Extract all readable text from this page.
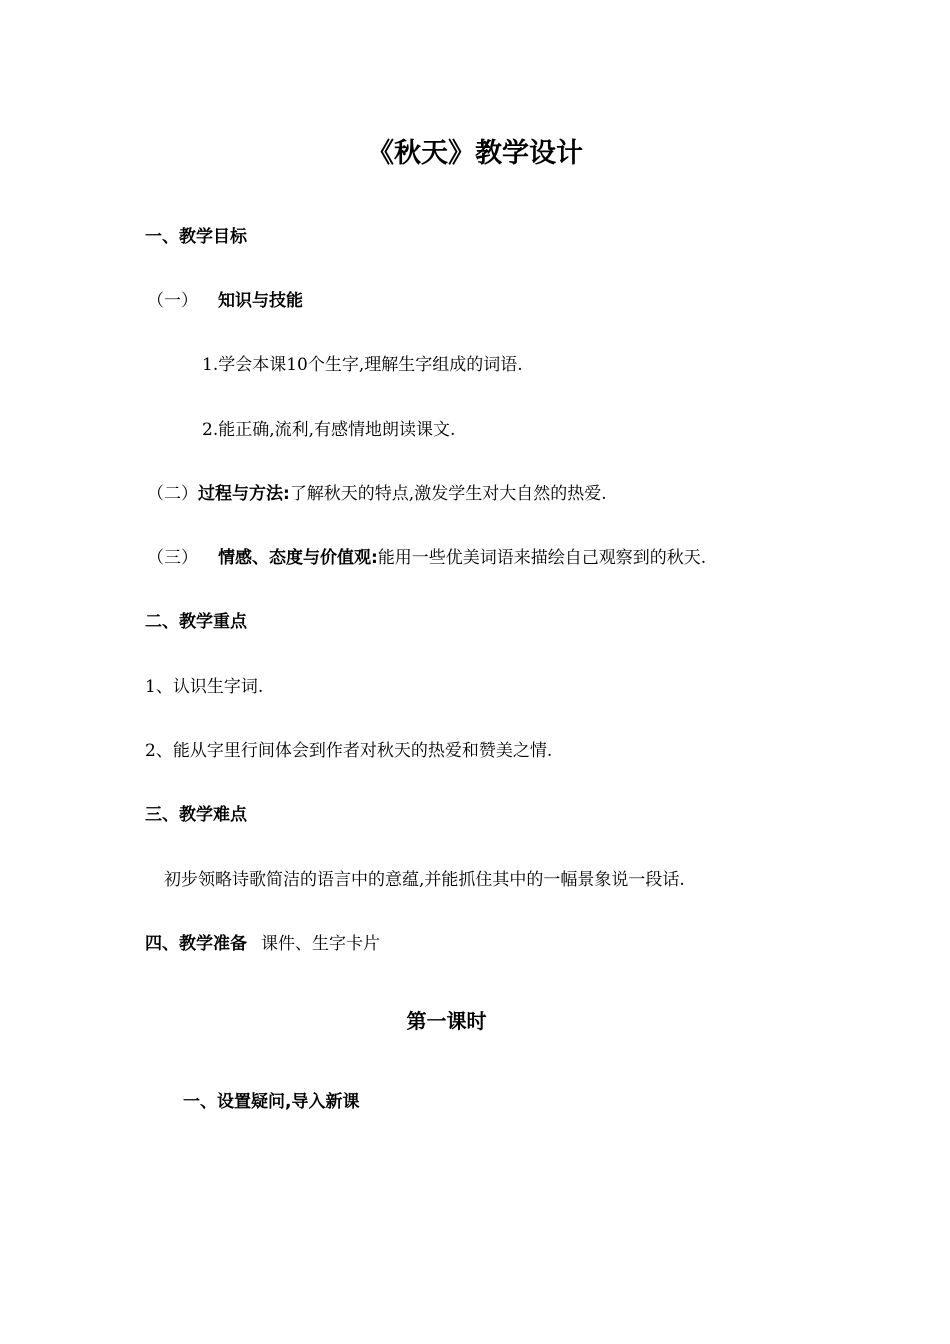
《秋天》教学设计
一、教学目标
（一） 知识与技能
1.学会本课10个生字,理解生字组成的词语.
2.能正确,流利,有感情地朗读课文.
（二）过程与方法:了解秋天的特点,激发学生对大自然的热爱.
（三） 情感、态度与价值观:能用一些优美词语来描绘自己观察到的秋天.
二、教学重点
1、认识生字词.
2、能从字里行间体会到作者对秋天的热爱和赞美之情.
三、教学难点
初步领略诗歌简洁的语言中的意蕴,并能抓住其中的一幅景象说一段话.
四、教学准备 课件、生字卡片
第一课时
一、设置疑问,导入新课
